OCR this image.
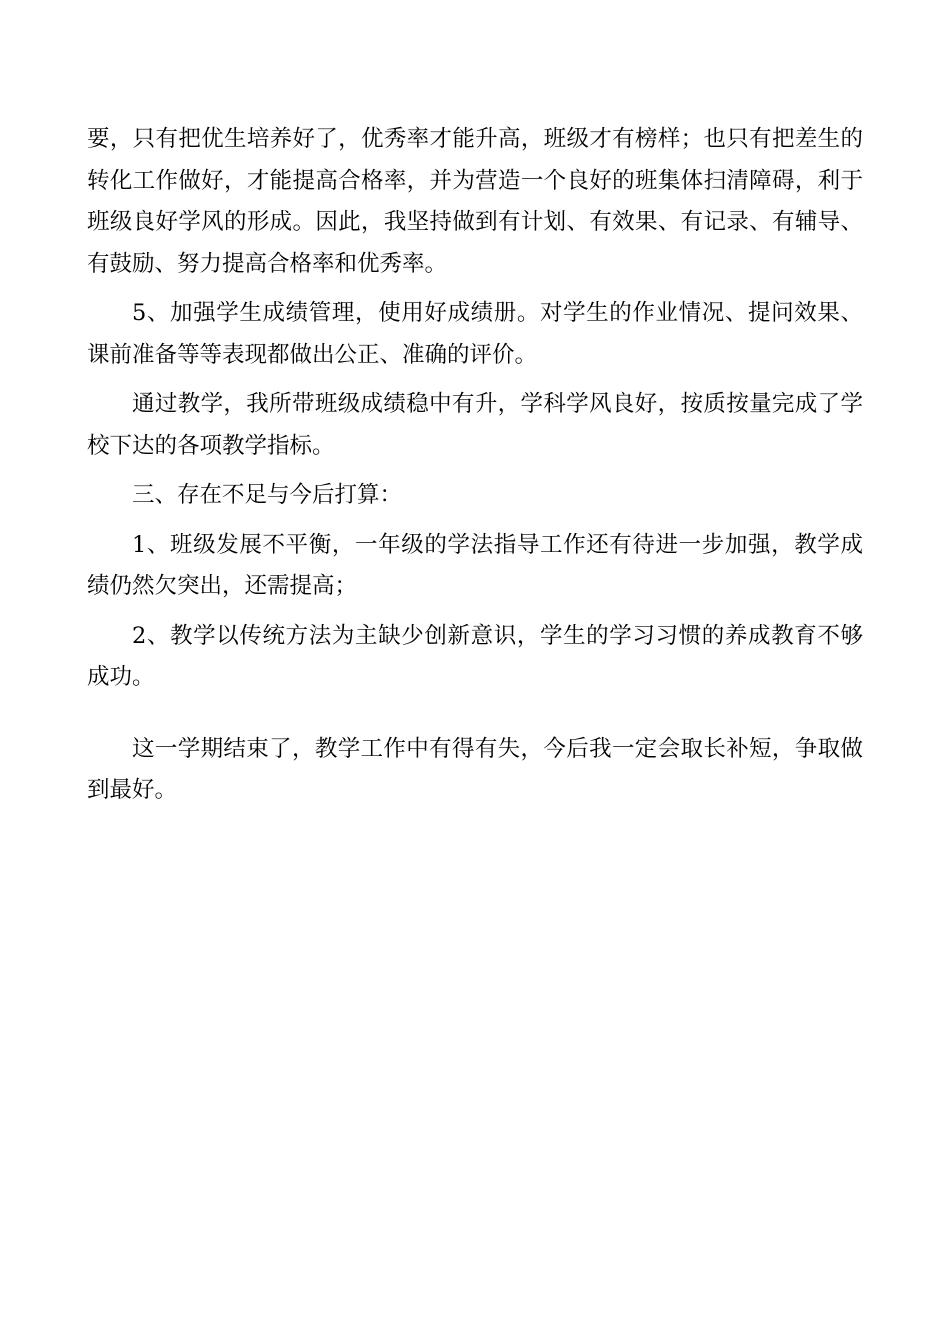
要，只有把优生培养好了，优秀率才能升高，班级才有榜样；也只有把差生的转化工作做好，才能提高合格率，并为营造一个良好的班集体扫清障碍，利于班级良好学风的形成。因此，我坚持做到有计划、有效果、有记录、有辅导、有鼓励、努力提高合格率和优秀率。

5、加强学生成绩管理，使用好成绩册。对学生的作业情况、提问效果、课前准备等等表现都做出公正、准确的评价。

通过教学，我所带班级成绩稳中有升，学科学风良好，按质按量完成了学校下达的各项教学指标。

三、存在不足与今后打算：

1、班级发展不平衡，一年级的学法指导工作还有待进一步加强，教学成绩仍然欠突出，还需提高；

2、教学以传统方法为主缺少创新意识，学生的学习习惯的养成教育不够成功。

这一学期结束了，教学工作中有得有失，今后我一定会取长补短，争取做到最好。
